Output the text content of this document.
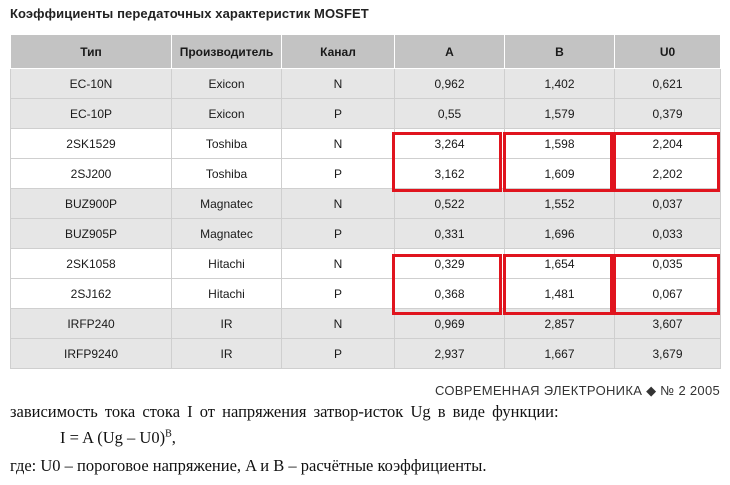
Коэффициенты передаточных характеристик MOSFET
Тип	Производитель	Канал	A	B	U0
EC-10N	Exicon	N	0,962	1,402	0,621
EC-10P	Exicon	P	0,55	1,579	0,379
2SK1529	Toshiba	N	3,264	1,598	2,204
2SJ200	Toshiba	P	3,162	1,609	2,202
BUZ900P	Magnatec	N	0,522	1,552	0,037
BUZ905P	Magnatec	P	0,331	1,696	0,033
2SK1058	Hitachi	N	0,329	1,654	0,035
2SJ162	Hitachi	P	0,368	1,481	0,067
IRFP240	IR	N	0,969	2,857	3,607
IRFP9240	IR	P	2,937	1,667	3,679
СОВРЕМЕННАЯ ЭЛЕКТРОНИКА ◆ № 2 2005
зависимость тока стока I от напряжения затвор-исток Ug в виде функции:
I = A (Ug – U0)$^B$,
где: U0 – пороговое напряжение, A и B – расчётные коэффициенты.
